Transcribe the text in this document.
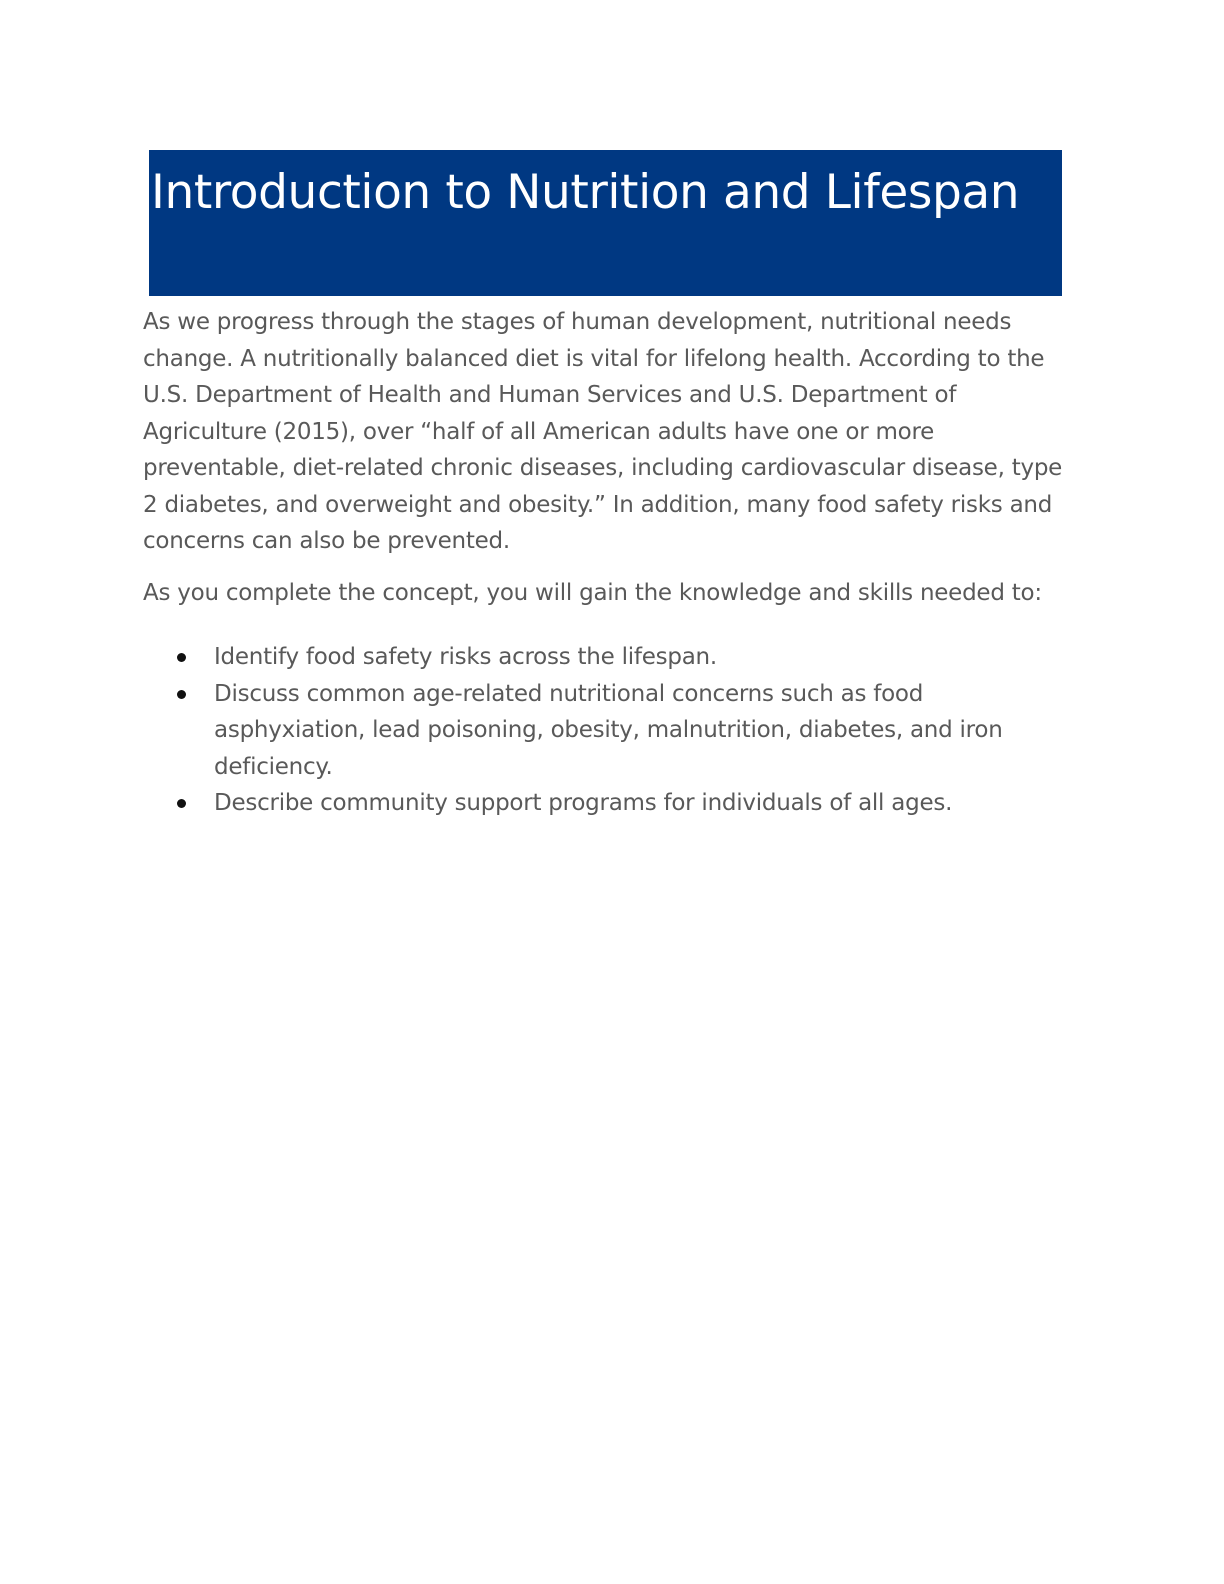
Introduction to Nutrition and Lifespan

As we progress through the stages of human development, nutritional needs change. A nutritionally balanced diet is vital for lifelong health. According to the U.S. Department of Health and Human Services and U.S. Department of Agriculture (2015), over “half of all American adults have one or more preventable, diet-related chronic diseases, including cardiovascular disease, type 2 diabetes, and overweight and obesity.” In addition, many food safety risks and concerns can also be prevented.

As you complete the concept, you will gain the knowledge and skills needed to:

Identify food safety risks across the lifespan.
Discuss common age-related nutritional concerns such as food asphyxiation, lead poisoning, obesity, malnutrition, diabetes, and iron deficiency.
Describe community support programs for individuals of all ages.
